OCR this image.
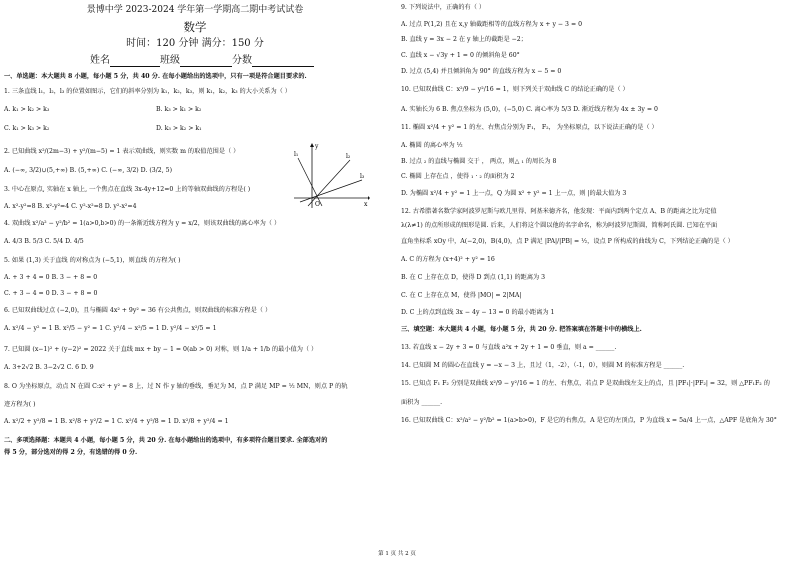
景博中学 2023-2024 学年第一学期高二期中考试试卷
数学
时间：120 分钟 满分：150 分
姓名	班级	分数
一、单选题：本大题共 8 小题，每小题 5 分，共 40 分. 在每小题给出的选项中，只有一项是符合题目要求的.
1. 三条直线 l₁，l₂，l₃ 的位置如图示，它们的斜率分别为 k₁，k₂，k₃，则 k₁，k₂，k₃ 的大小关系为（ ）
A. k₁ > k₂ > k₃	B. k₃ > k₁ > k₂
C. k₁ > k₃ > k₂	D. k₃ > k₂ > k₁
l₁	l₂
l₃
O	x
y
2. 已知曲线 x²/(2m−3) + y²/(m−5) = 1 表示双曲线，则实数 m 的取值范围是（ ）
A. (−∞, 3/2)∪(5,+∞) B. (5,+∞) C. (−∞, 3/2) D. (3/2, 5)
3. 中心在原点, 实轴在 x 轴上, 一个焦点在直线 3x-4y+12=0 上的等轴双曲线的方程是( )
A. x²-y²=8 B. x²-y²=4 C. y²-x²=8 D. y²-x²=4
4. 双曲线 x²/a² − y²/b² = 1(a>0,b>0) 的一条渐近线方程为 y = x/2，则该双曲线的离心率为（ ）
A. 4/3 B. 5/3 C. 5/4 D. 4/5
5. 如果 (1,3) 关于直线 的对称点为 (−5,1)，则直线 的方程为( )
A. + 3 + 4 = 0 B. 3 − + 8 = 0
C. + 3 − 4 = 0 D. 3 − + 8 = 0
6. 已知双曲线过点 (−2,0)，且与椭圆 4x² + 9y² = 36 有公共焦点，则双曲线的标准方程是（ ）
A. x²/4 − y² = 1 B. x²/5 − y² = 1 C. y²/4 − x²/5 = 1 D. y²/4 − x²/5 = 1
7. 已知圆 (x−1)² + (y−2)² = 2022 关于直线 mx + by − 1 = 0(ab > 0) 对称，则 1/a + 1/b 的最小值为（ ）
A. 3+2√2 B. 3−2√2 C. 6 D. 9
8. O 为坐标原点，动点 N 在圆 C:x² + y² = 8 上，过 N 作 y 轴的垂线，垂足为 M，点 P 满足 MP = ½ MN，则点 P 的轨
迹方程为( )
A. x²/2 + y²/8 = 1 B. x²/8 + y²/2 = 1 C. x²/4 + y²/8 = 1 D. x²/8 + y²/4 = 1
二、多项选择题：本题共 4 小题，每小题 5 分，共 20 分. 在每小题给出的选项中，有多项符合题目要求. 全部选对的
得 5 分，部分选对的得 2 分，有选错的得 0 分.
9. 下列说法中，正确的有（ ）
A. 过点 P(1,2) 且在 x,y 轴截距相等的直线方程为 x + y − 3 = 0
B. 直线 y = 3x − 2 在 y 轴上的截距是 −2；
C. 直线 x − √3y + 1 = 0 的倾斜角是 60°
D. 过点 (5,4) 并且倾斜角为 90° 的直线方程为 x − 5 = 0
10. 已知双曲线 C：x²/9 − y²/16 = 1，则下列关于双曲线 C 的结论正确的是（ ）
A. 实轴长为 6 B. 焦点坐标为 (5,0)，(−5,0) C. 离心率为 5/3 D. 渐近线方程为 4x ± 3y = 0
11. 椭圆 x²/4 + y² = 1 的左、右焦点分别为 F₁， F₂， 为坐标原点，以下说法正确的是（ ）
A. 椭圆 的离心率为 ½
B. 过点 ₂ 的直线与椭圆 交于 ， 两点，则△ ₁ 的周长为 8
C. 椭圆 上存在点 ，使得 ₁ · ₂ 的面积为 2
D. 为椭圆 x²/4 + y² = 1 上一点，Q 为圆 x² + y² = 1 上一点，则 |的最大值为 3
12. 古希腊著名数学家阿波罗尼斯与欧几里得、阿基米德齐名，他发现：平面内到两个定点 A、B 的距离之比为定值
λ(λ≠1) 的点所形成的图形是圆. 后来，人们将这个圆以他的名字命名，称为阿波罗尼斯圆，简称阿氏圆. 已知在平面
直角坐标系 xOy 中，A(−2,0)，B(4,0)，点 P 满足 |PA|/|PB| = ½，设点 P 所构成的曲线为 C，下列结论正确的是（ ）
A. C 的方程为 (x+4)² + y² = 16
B. 在 C 上存在点 D，使得 D 到点 (1,1) 的距离为 3
C. 在 C 上存在点 M，使得 |MO| = 2|MA|
D. C 上的点到直线 3x − 4y − 13 = 0 的最小距离为 1
三、填空题：本大题共 4 小题，每小题 5 分，共 20 分. 把答案填在答题卡中的横线上.
13. 若直线 x − 2y + 3 = 0 与直线 a²x + 2y + 1 = 0 垂直，则 a = ______.
14. 已知圆 M 的圆心在直线 y = −x − 3 上，且过（1，-2），（-1，0），则圆 M 的标准方程是 ______.
15. 已知点 F₁ F₂ 分别是双曲线 x²/9 − y²/16 = 1 的左、右焦点，若点 P 是双曲线左支上的点，且 |PF₁|·|PF₂| = 32，则 △PF₁F₂ 的
面积为 ______.
16. 已知双曲线 C：x²/a² − y²/b² = 1(a>b>0)，F 是它的右焦点，A 是它的左顶点，P 为直线 x = 5a/4 上一点，△APF 是底角为 30°
第 1 页 共 2 页
